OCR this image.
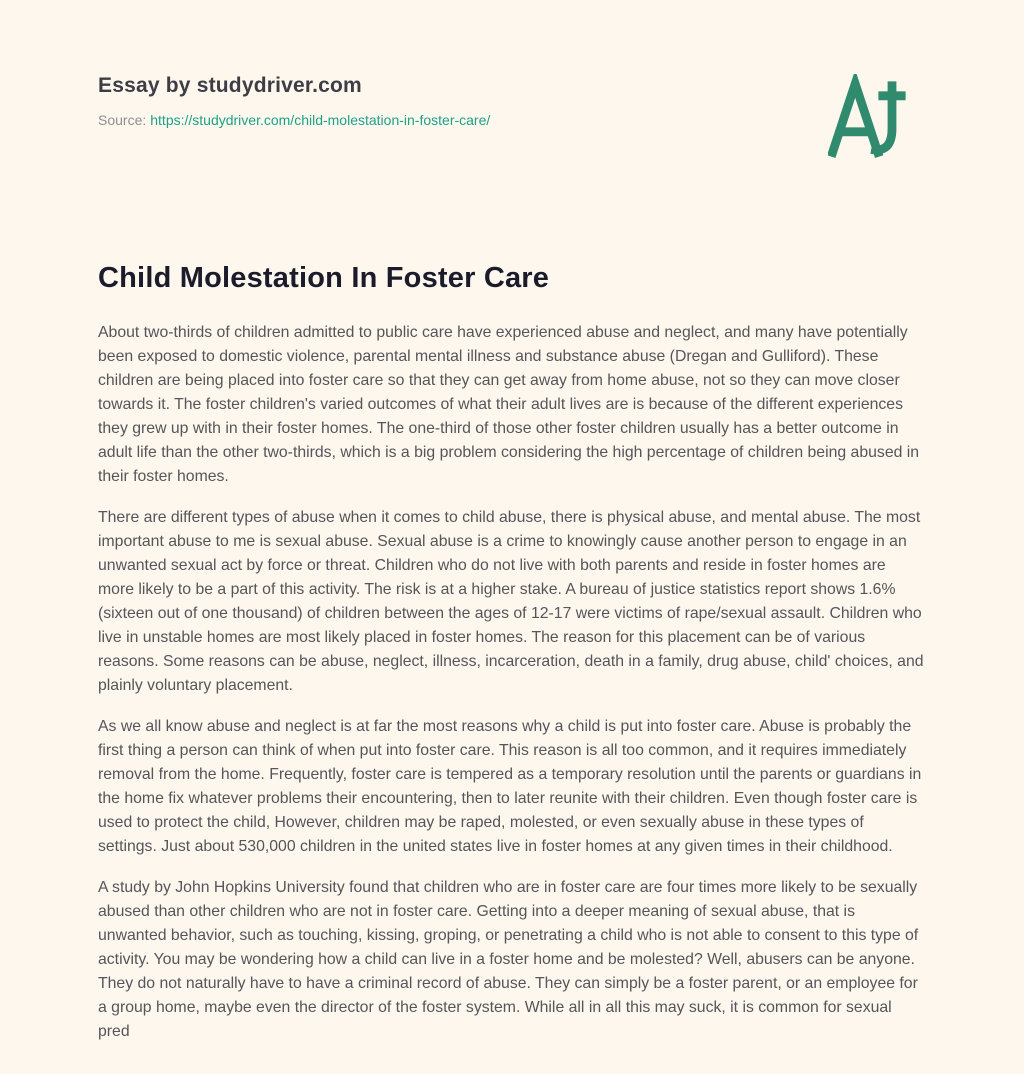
Essay by studydriver.com
Source: https://studydriver.com/child-molestation-in-foster-care/
Child Molestation In Foster Care

About two-thirds of children admitted to public care have experienced abuse and neglect, and many have potentially been exposed to domestic violence, parental mental illness and substance abuse (Dregan and Gulliford). These children are being placed into foster care so that they can get away from home abuse, not so they can move closer towards it. The foster children's varied outcomes of what their adult lives are is because of the different experiences they grew up with in their foster homes. The one-third of those other foster children usually has a better outcome in adult life than the other two-thirds, which is a big problem considering the high percentage of children being abused in their foster homes.

There are different types of abuse when it comes to child abuse, there is physical abuse, and mental abuse. The most important abuse to me is sexual abuse. Sexual abuse is a crime to knowingly cause another person to engage in an unwanted sexual act by force or threat. Children who do not live with both parents and reside in foster homes are more likely to be a part of this activity. The risk is at a higher stake. A bureau of justice statistics report shows 1.6% (sixteen out of one thousand) of children between the ages of 12-17 were victims of rape/sexual assault. Children who live in unstable homes are most likely placed in foster homes. The reason for this placement can be of various reasons. Some reasons can be abuse, neglect, illness, incarceration, death in a family, drug abuse, child' choices, and plainly voluntary placement.

As we all know abuse and neglect is at far the most reasons why a child is put into foster care. Abuse is probably the first thing a person can think of when put into foster care. This reason is all too common, and it requires immediately removal from the home. Frequently, foster care is tempered as a temporary resolution until the parents or guardians in the home fix whatever problems their encountering, then to later reunite with their children. Even though foster care is used to protect the child, However, children may be raped, molested, or even sexually abuse in these types of settings. Just about 530,000 children in the united states live in foster homes at any given times in their childhood.

A study by John Hopkins University found that children who are in foster care are four times more likely to be sexually abused than other children who are not in foster care. Getting into a deeper meaning of sexual abuse, that is unwanted behavior, such as touching, kissing, groping, or penetrating a child who is not able to consent to this type of activity. You may be wondering how a child can live in a foster home and be molested? Well, abusers can be anyone. They do not naturally have to have a criminal record of abuse. They can simply be a foster parent, or an employee for a group home, maybe even the director of the foster system. While all in all this may suck, it is common for sexual pred
